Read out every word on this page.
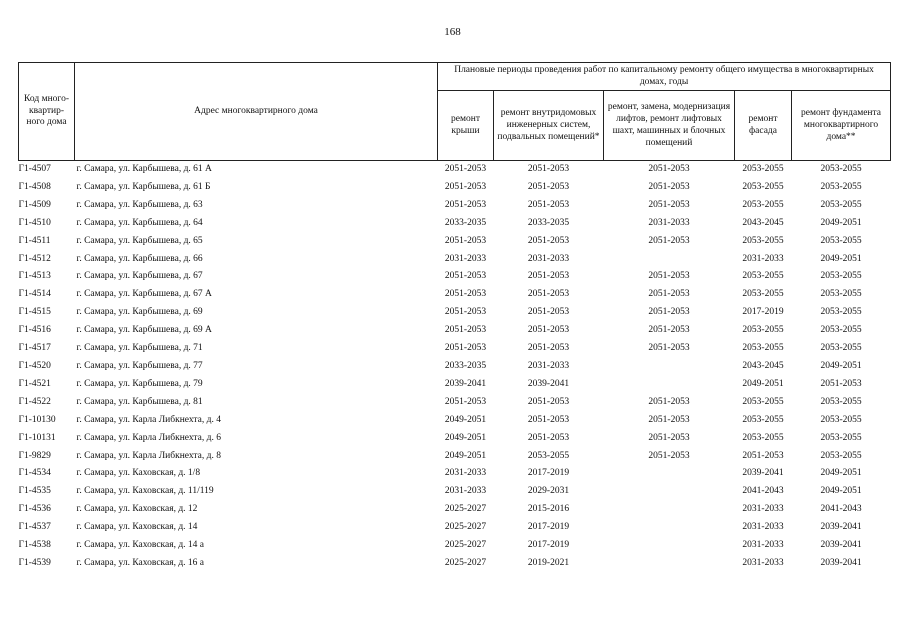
168
Код много-квартир-ного дома	Адрес многоквартирного дома	Плановые периоды проведения работ по капитальному ремонту общего имущества в многоквартирных домах, годы				
		ремонт крыши	ремонт внутридомовых инженерных систем, подвальных помещений*	ремонт, замена, модернизация лифтов, ремонт лифтовых шахт, машинных и блочных помещений	ремонт фасада	ремонт фундамента многоквартирного дома**
Г1-4507	г. Самара, ул. Карбышева, д. 61 А	2051-2053	2051-2053	2051-2053	2053-2055	2053-2055
Г1-4508	г. Самара, ул. Карбышева, д. 61 Б	2051-2053	2051-2053	2051-2053	2053-2055	2053-2055
Г1-4509	г. Самара, ул. Карбышева, д. 63	2051-2053	2051-2053	2051-2053	2053-2055	2053-2055
Г1-4510	г. Самара, ул. Карбышева, д. 64	2033-2035	2033-2035	2031-2033	2043-2045	2049-2051
Г1-4511	г. Самара, ул. Карбышева, д. 65	2051-2053	2051-2053	2051-2053	2053-2055	2053-2055
Г1-4512	г. Самара, ул. Карбышева, д. 66	2031-2033	2031-2033		2031-2033	2049-2051
Г1-4513	г. Самара, ул. Карбышева, д. 67	2051-2053	2051-2053	2051-2053	2053-2055	2053-2055
Г1-4514	г. Самара, ул. Карбышева, д. 67 А	2051-2053	2051-2053	2051-2053	2053-2055	2053-2055
Г1-4515	г. Самара, ул. Карбышева, д. 69	2051-2053	2051-2053	2051-2053	2017-2019	2053-2055
Г1-4516	г. Самара, ул. Карбышева, д. 69 А	2051-2053	2051-2053	2051-2053	2053-2055	2053-2055
Г1-4517	г. Самара, ул. Карбышева, д. 71	2051-2053	2051-2053	2051-2053	2053-2055	2053-2055
Г1-4520	г. Самара, ул. Карбышева, д. 77	2033-2035	2031-2033		2043-2045	2049-2051
Г1-4521	г. Самара, ул. Карбышева, д. 79	2039-2041	2039-2041		2049-2051	2051-2053
Г1-4522	г. Самара, ул. Карбышева, д. 81	2051-2053	2051-2053	2051-2053	2053-2055	2053-2055
Г1-10130	г. Самара, ул. Карла Либкнехта, д. 4	2049-2051	2051-2053	2051-2053	2053-2055	2053-2055
Г1-10131	г. Самара, ул. Карла Либкнехта, д. 6	2049-2051	2051-2053	2051-2053	2053-2055	2053-2055
Г1-9829	г. Самара, ул. Карла Либкнехта, д. 8	2049-2051	2053-2055	2051-2053	2051-2053	2053-2055
Г1-4534	г. Самара, ул. Каховская, д. 1/8	2031-2033	2017-2019		2039-2041	2049-2051
Г1-4535	г. Самара, ул. Каховская, д. 11/119	2031-2033	2029-2031		2041-2043	2049-2051
Г1-4536	г. Самара, ул. Каховская, д. 12	2025-2027	2015-2016		2031-2033	2041-2043
Г1-4537	г. Самара, ул. Каховская, д. 14	2025-2027	2017-2019		2031-2033	2039-2041
Г1-4538	г. Самара, ул. Каховская, д. 14 а	2025-2027	2017-2019		2031-2033	2039-2041
Г1-4539	г. Самара, ул. Каховская, д. 16 а	2025-2027	2019-2021		2031-2033	2039-2041
